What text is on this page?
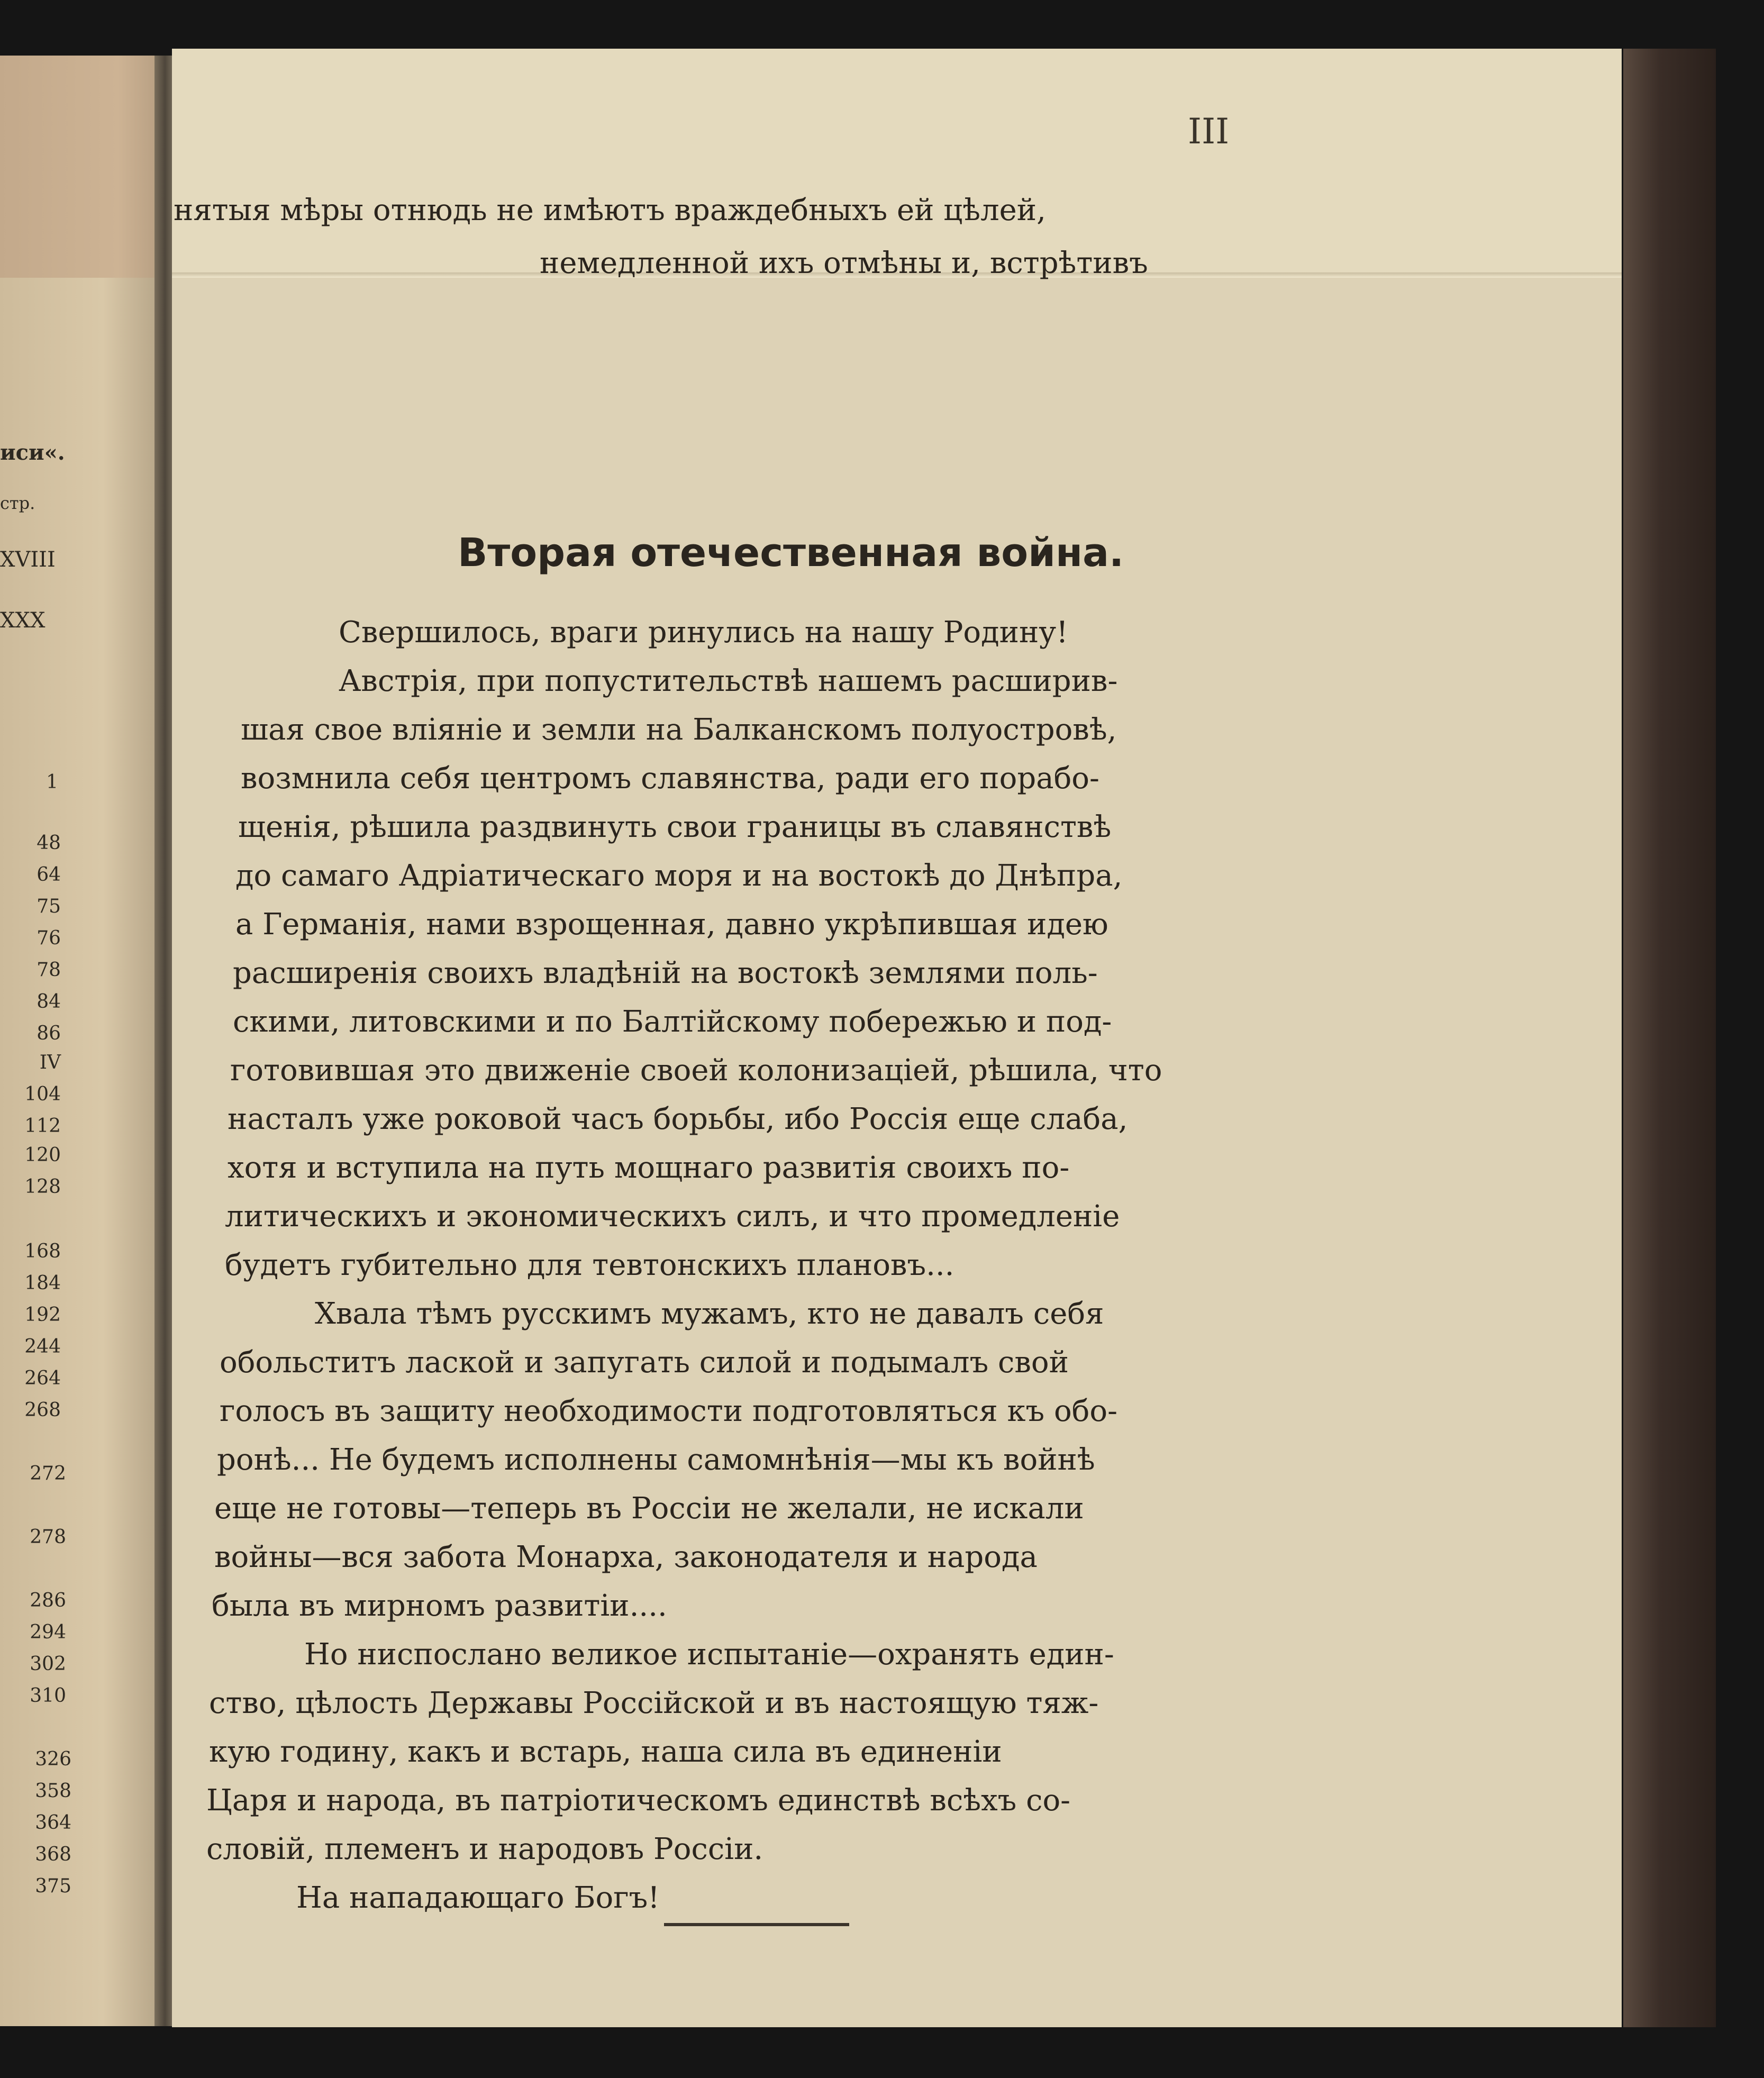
иси«.
стр.
XVIII
XXX
1
48
64
75
76
78
84
86
IV
104
112
120
128
168
184
192
244
264
268
272
278
286
294
302
310
326
358
364
368
375
III
нятыя мѣры отнюдь не имѣютъ враждебныхъ ей цѣлей,
немедленной ихъ отмѣны и, встрѣтивъ
Вторая отечественная война.
Свершилось, враги ринулись на нашу Родину!
Австрія, при попустительствѣ нашемъ расширив-
шая свое вліяніе и земли на Балканскомъ полуостровѣ,
возмнила себя центромъ славянства, ради его порабо-
щенія, рѣшила раздвинуть свои границы въ славянствѣ
до самаго Адріатическаго моря и на востокѣ до Днѣпра,
а Германія, нами взрощенная, давно укрѣпившая идею
расширенія своихъ владѣній на востокѣ землями поль-
скими, литовскими и по Балтійскому побережью и под-
готовившая это движеніе своей колонизаціей, рѣшила, что
насталъ уже роковой часъ борьбы, ибо Россія еще слаба,
хотя и вступила на путь мощнаго развитія своихъ по-
литическихъ и экономическихъ силъ, и что промедленіе
будетъ губительно для тевтонскихъ плановъ...
Хвала тѣмъ русскимъ мужамъ, кто не давалъ себя
обольститъ лаской и запугать силой и подымалъ свой
голосъ въ защиту необходимости подготовляться къ обо-
ронѣ... Не будемъ исполнены самомнѣнія—мы къ войнѣ
еще не готовы—теперь въ Россіи не желали, не искали
войны—вся забота Монарха, законодателя и народа
была въ мирномъ развитіи....
Но ниспослано великое испытаніе—охранять един-
ство, цѣлость Державы Россійской и въ настоящую тяж-
кую годину, какъ и встарь, наша сила въ единеніи
Царя и народа, въ патріотическомъ единствѣ всѣхъ со-
словій, племенъ и народовъ Россіи.
На нападающаго Богъ!
